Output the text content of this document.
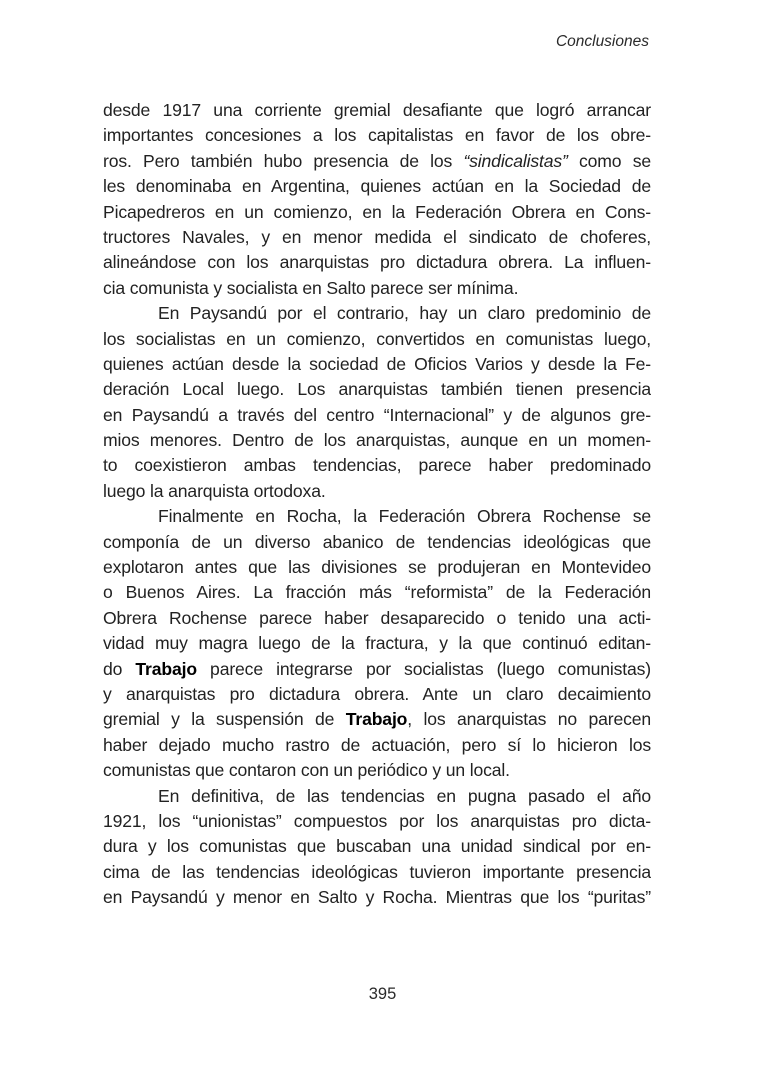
Conclusiones
desde 1917 una corriente gremial desafiante que logró arrancar
importantes concesiones a los capitalistas en favor de los obre-
ros. Pero también hubo presencia de los “sindicalistas” como se
les denominaba en Argentina, quienes actúan en la Sociedad de
Picapedreros en un comienzo, en la Federación Obrera en Cons-
tructores Navales, y en menor medida el sindicato de choferes,
alineándose con los anarquistas pro dictadura obrera. La influen-
cia comunista y socialista en Salto parece ser mínima.
En Paysandú por el contrario, hay un claro predominio de
los socialistas en un comienzo, convertidos en comunistas luego,
quienes actúan desde la sociedad de Oficios Varios y desde la Fe-
deración Local luego. Los anarquistas también tienen presencia
en Paysandú a través del centro “Internacional” y de algunos gre-
mios menores. Dentro de los anarquistas, aunque en un momen-
to coexistieron ambas tendencias, parece haber predominado
luego la anarquista ortodoxa.
Finalmente en Rocha, la Federación Obrera Rochense se
componía de un diverso abanico de tendencias ideológicas que
explotaron antes que las divisiones se produjeran en Montevideo
o Buenos Aires. La fracción más “reformista” de la Federación
Obrera Rochense parece haber desaparecido o tenido una acti-
vidad muy magra luego de la fractura, y la que continuó editan-
do Trabajo parece integrarse por socialistas (luego comunistas)
y anarquistas pro dictadura obrera. Ante un claro decaimiento
gremial y la suspensión de Trabajo, los anarquistas no parecen
haber dejado mucho rastro de actuación, pero sí lo hicieron los
comunistas que contaron con un periódico y un local.
En definitiva, de las tendencias en pugna pasado el año
1921, los “unionistas” compuestos por los anarquistas pro dicta-
dura y los comunistas que buscaban una unidad sindical por en-
cima de las tendencias ideológicas tuvieron importante presencia
en Paysandú y menor en Salto y Rocha. Mientras que los “puritas”
395
